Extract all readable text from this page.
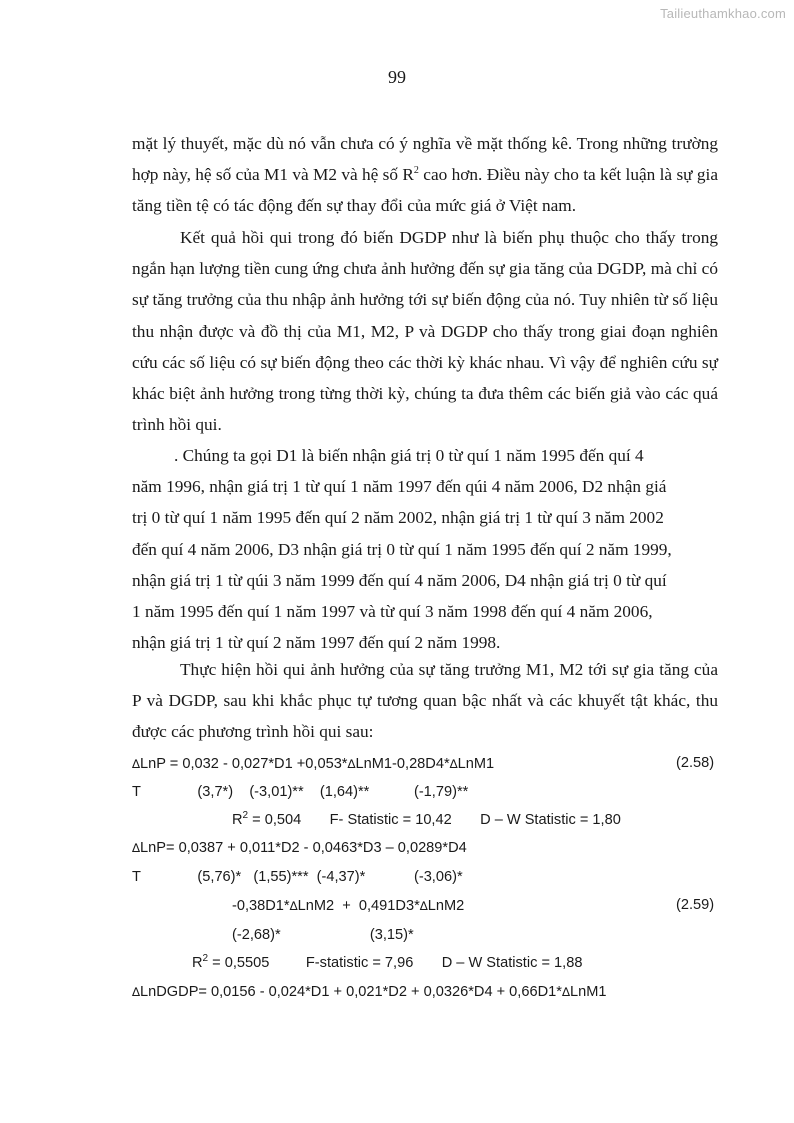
Tailieuthamkhao.com
99

mặt lý thuyết, mặc dù nó vẫn chưa có ý nghĩa về mặt thống kê. Trong những trường hợp này, hệ số của M1 và M2 và hệ số $R^2$ cao hơn. Điều này cho ta kết luận là sự gia tăng tiền tệ có tác động đến sự thay đổi của mức giá ở Việt nam.

Kết quả hồi qui trong đó biến DGDP như là biến phụ thuộc cho thấy trong ngắn hạn lượng tiền cung ứng chưa ảnh hưởng đến sự gia tăng của DGDP, mà chỉ có sự tăng trưởng của thu nhập ảnh hưởng tới sự biến động của nó. Tuy nhiên từ số liệu thu nhận được và đồ thị của M1, M2, P và DGDP cho thấy trong giai đoạn nghiên cứu các số liệu có sự biến động theo các thời kỳ khác nhau. Vì vậy để nghiên cứu sự khác biệt ảnh hưởng trong từng thời kỳ, chúng ta đưa thêm các biến giả vào các quá trình hồi qui.

. Chúng ta gọi D1 là biến nhận giá trị 0 từ quí 1 năm 1995 đến quí 4
năm 1996, nhận giá trị 1 từ quí 1 năm 1997 đến qúi 4 năm 2006, D2 nhận giá
trị 0 từ quí 1 năm 1995 đến quí 2 năm 2002, nhận giá trị 1 từ quí 3 năm 2002
đến quí 4 năm 2006, D3 nhận giá trị 0 từ quí 1 năm 1995 đến quí 2 năm 1999,
nhận giá trị 1 từ qúi 3 năm 1999 đến quí 4 năm 2006, D4 nhận giá trị 0 từ quí
1 năm 1995 đến quí 1 năm 1997 và từ quí 3 năm 1998 đến quí 4 năm 2006,
nhận giá trị 1 từ quí 2 năm 1997 đến quí 2 năm 1998.

Thực hiện hồi qui ảnh hưởng của sự tăng trưởng M1, M2 tới sự gia tăng của P và DGDP, sau khi khắc phục tự tương quan bậc nhất và các khuyết tật khác, thu được các phương trình hồi qui sau:

∆LnP = 0,032 - 0,027*D1 +0,053*∆LnM1-0,28D4*∆LnM1	(2.58)
T              (3,7*)    (-3,01)**    (1,64)**           (-1,79)**
$R^2 = 0,504$       F- Statistic = 10,42       D – W Statistic = 1,80
∆LnP= 0,0387 + 0,011*D2 - 0,0463*D3 – 0,0289*D4
T              (5,76)*   (1,55)***  (-4,37)*            (-3,06)*
-0,38D1*∆LnM2  +  0,491D3*∆LnM2	(2.59)
(-2,68)*                      (3,15)*
$R^2 = 0,5505$         F-statistic = 7,96       D – W Statistic = 1,88
∆LnDGDP= 0,0156 - 0,024*D1 + 0,021*D2 + 0,0326*D4 + 0,66D1*∆LnM1
